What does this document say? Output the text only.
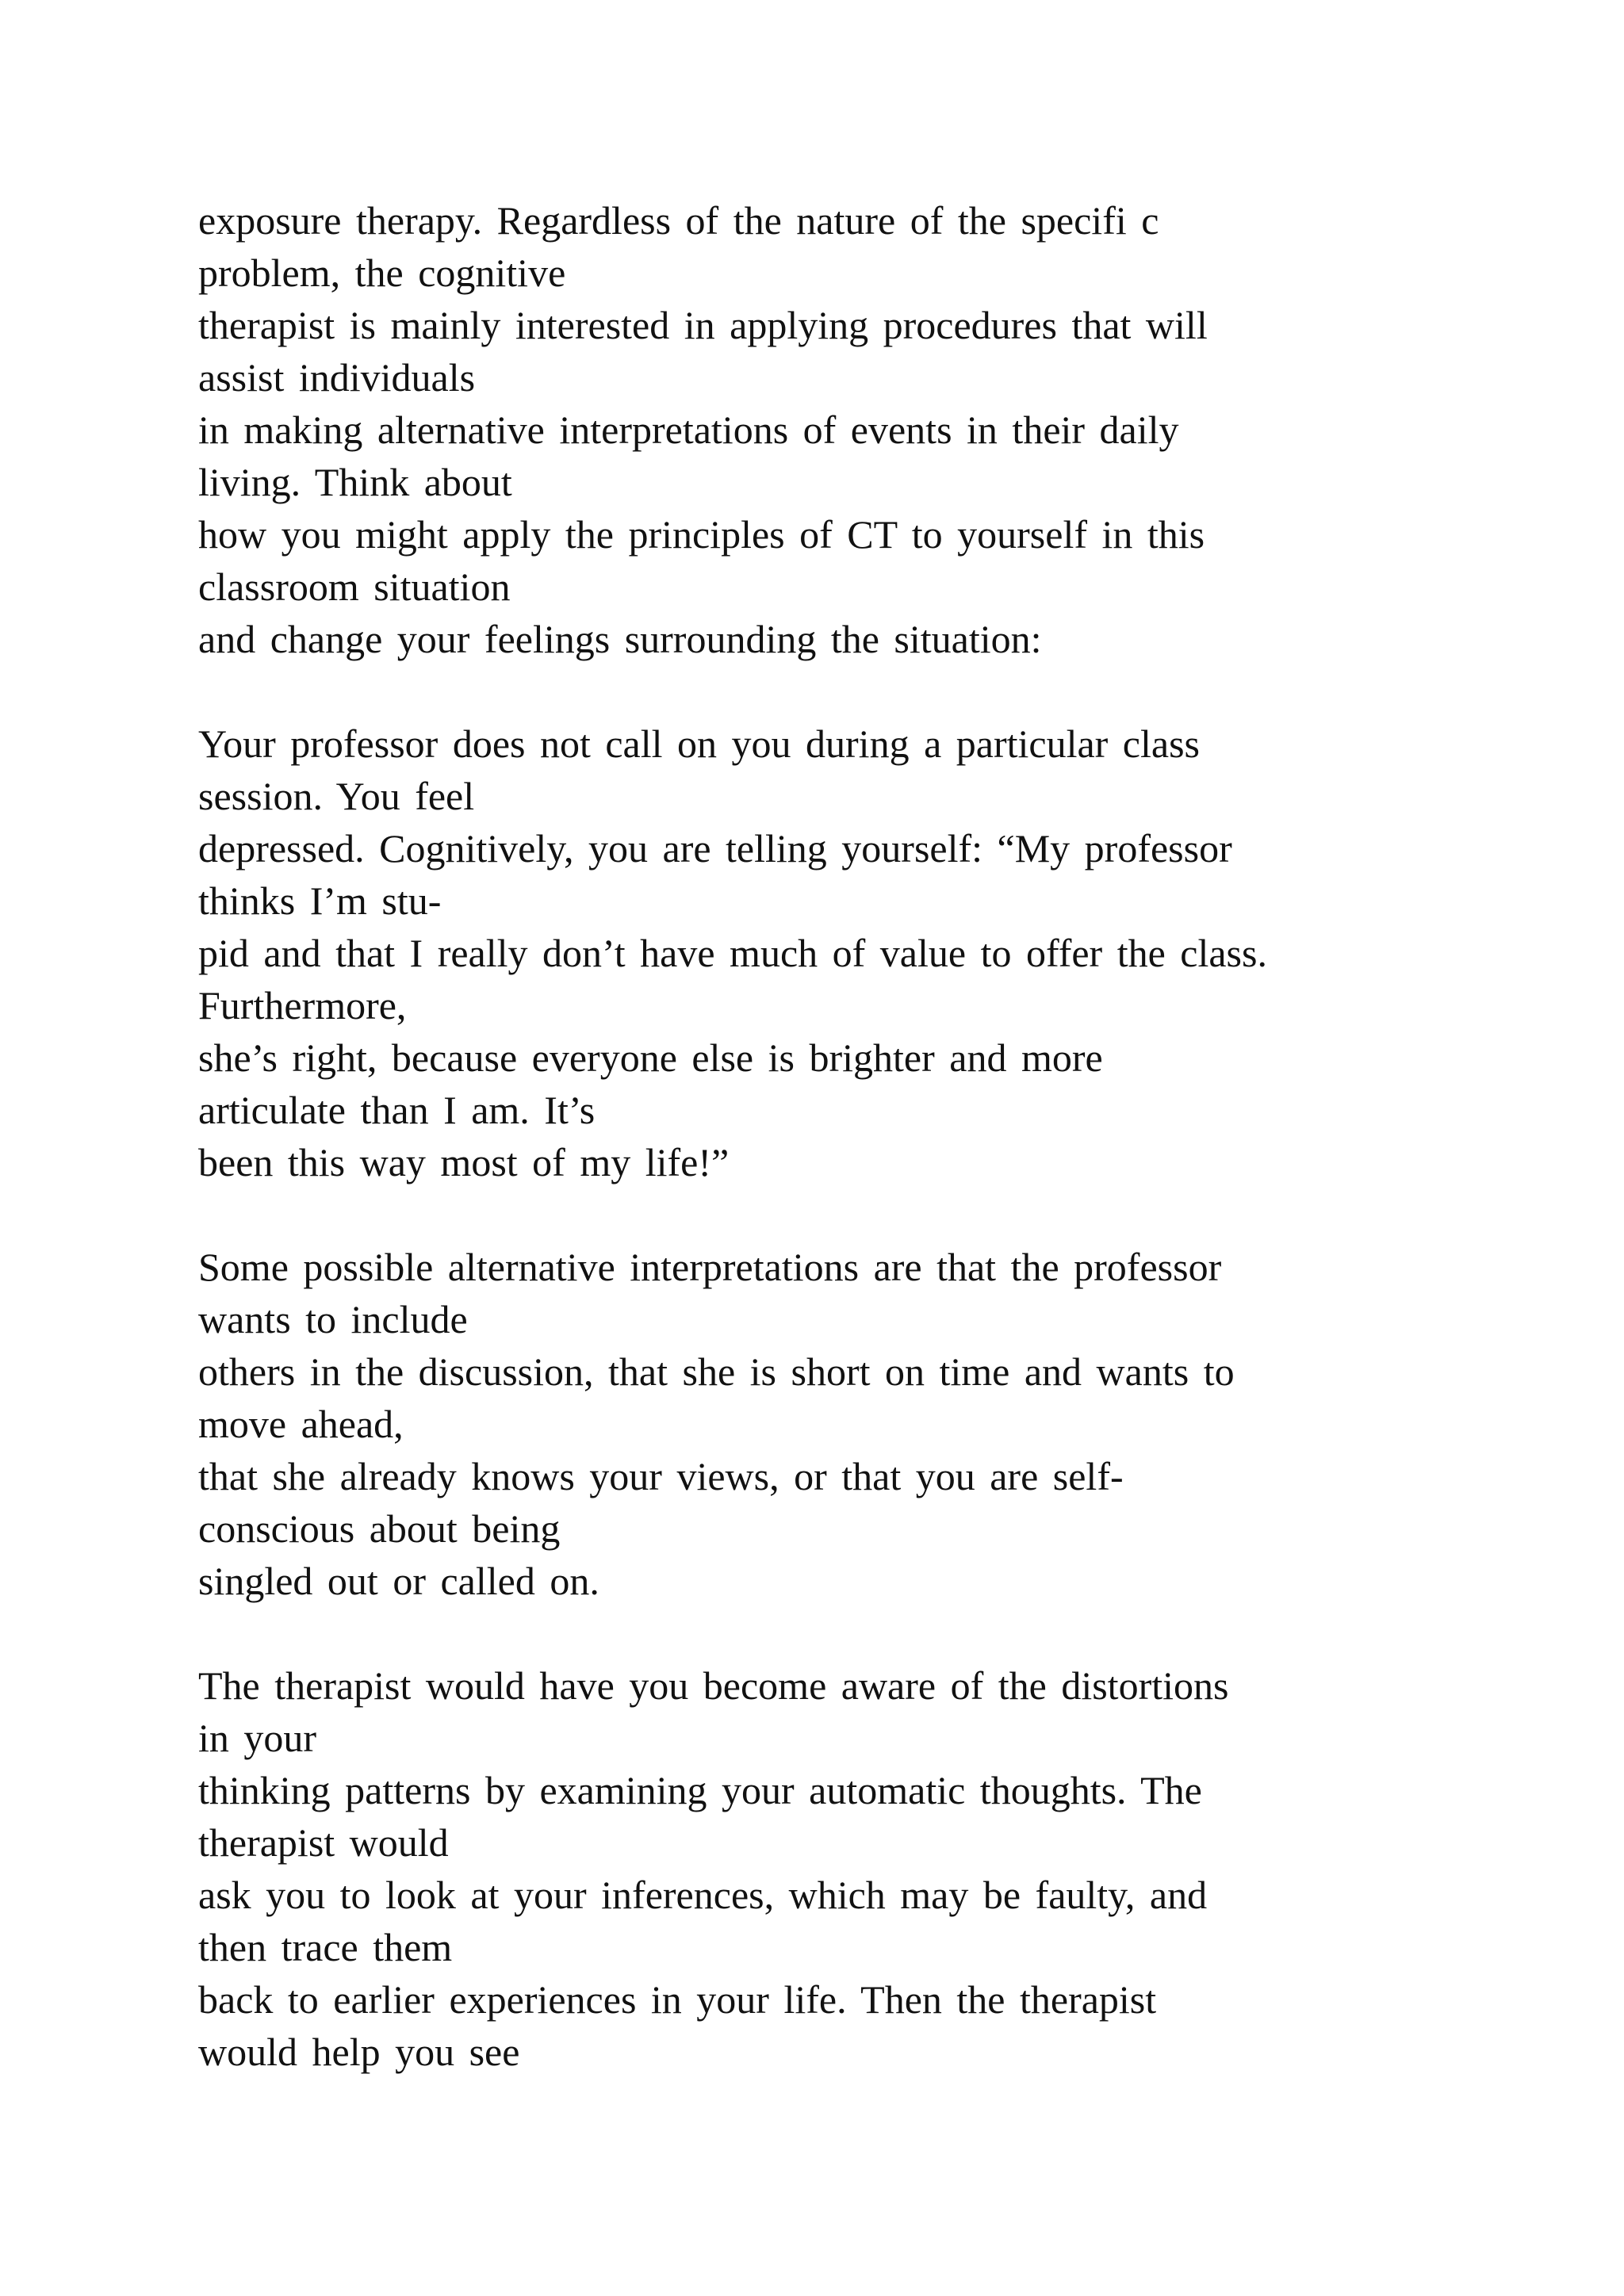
exposure therapy. Regardless of the nature of the specifi c
problem, the cognitive
therapist is mainly interested in applying procedures that will
assist individuals
in making alternative interpretations of events in their daily
living. Think about
how you might apply the principles of CT to yourself in this
classroom situation
and change your feelings surrounding the situation:
Your professor does not call on you during a particular class
session. You feel
depressed. Cognitively, you are telling yourself: “My professor
thinks I’m stu-
pid and that I really don’t have much of value to offer the class.
Furthermore,
she’s right, because everyone else is brighter and more
articulate than I am. It’s
been this way most of my life!”
Some possible alternative interpretations are that the professor
wants to include
others in the discussion, that she is short on time and wants to
move ahead,
that she already knows your views, or that you are self-
conscious about being
singled out or called on.
The therapist would have you become aware of the distortions
in your
thinking patterns by examining your automatic thoughts. The
therapist would
ask you to look at your inferences, which may be faulty, and
then trace them
back to earlier experiences in your life. Then the therapist
would help you see
